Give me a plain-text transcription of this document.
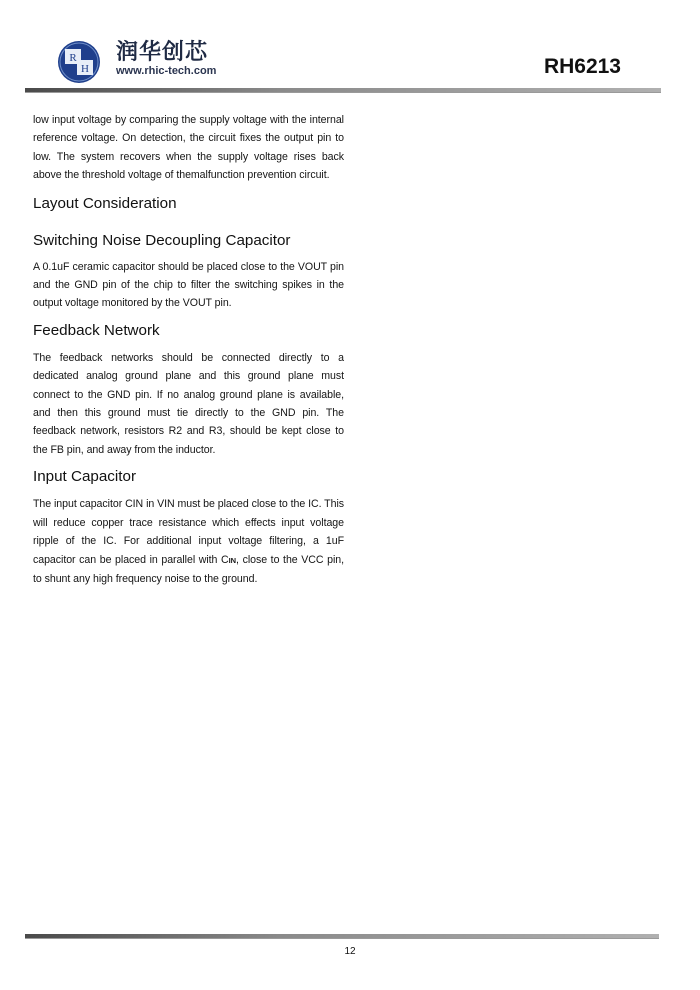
R
H
润华创芯
www.rhic-tech.com	RH6213

low input voltage by comparing the supply voltage with the internal reference voltage. On detection, the circuit fixes the output pin to low. The system recovers when the supply voltage rises back above the threshold voltage of themalfunction prevention circuit.

Layout Consideration
Switching Noise Decoupling Capacitor

A 0.1uF ceramic capacitor should be placed close to the VOUT pin and the GND pin of the chip to filter the switching spikes in the output voltage monitored by the VOUT pin.

Feedback Network

The feedback networks should be connected directly to a dedicated analog ground plane and this ground plane must connect to the GND pin. If no analog ground plane is available, and then this ground must tie directly to the GND pin. The feedback network, resistors R2 and R3, should be kept close to the FB pin, and away from the inductor.

Input Capacitor

The input capacitor CIN in VIN must be placed close to the IC. This will reduce copper trace resistance which effects input voltage ripple of the IC. For additional input voltage filtering, a 1uF capacitor can be placed in parallel with CIN, close to the VCC pin, to shunt any high frequency noise to the ground.

12
